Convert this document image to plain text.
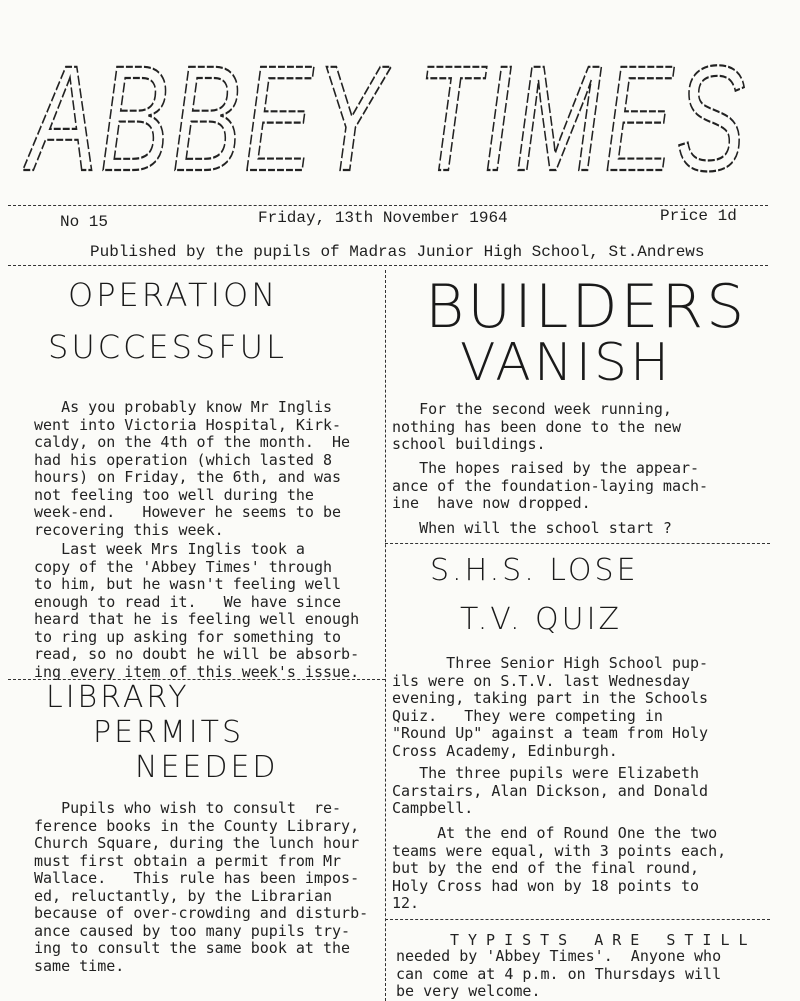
ABBEY TIMES
No 15	Friday, 13th November 1964	Price 1d
Published by the pupils of Madras Junior High School, St.Andrews
OPERATION
SUCCESSFUL
As you probably know Mr Inglis
went into Victoria Hospital, Kirk-
caldy, on the 4th of the month.  He
had his operation (which lasted 8
hours) on Friday, the 6th, and was
not feeling too well during the
week-end.   However he seems to be
recovering this week.
Last week Mrs Inglis took a
copy of the 'Abbey Times' through
to him, but he wasn't feeling well
enough to read it.   We have since
heard that he is feeling well enough
to ring up asking for something to
read, so no doubt he will be absorb-
ing every item of this week's issue.
LIBRARY
PERMITS
NEEDED
Pupils who wish to consult  re-
ference books in the County Library,
Church Square, during the lunch hour
must first obtain a permit from Mr
Wallace.   This rule has been impos-
ed, reluctantly, by the Librarian
because of over-crowding and disturb-
ance caused by too many pupils try-
ing to consult the same book at the
same time.
BUILDERS
VANISH
For the second week running,
nothing has been done to the new
school buildings.
The hopes raised by the appear-
ance of the foundation-laying mach-
ine  have now dropped.
When will the school start ?
S.H.S. LOSE
T.V. QUIZ
Three Senior High School pup-
ils were on S.T.V. last Wednesday
evening, taking part in the Schools
Quiz.   They were competing in
"Round Up" against a team from Holy
Cross Academy, Edinburgh.
The three pupils were Elizabeth
Carstairs, Alan Dickson, and Donald
Campbell.
At the end of Round One the two
teams were equal, with 3 points each,
but by the end of the final round,
Holy Cross had won by 18 points to
12.
TYPISTS ARE STILL
needed by 'Abbey Times'.  Anyone who
can come at 4 p.m. on Thursdays will
be very welcome.
